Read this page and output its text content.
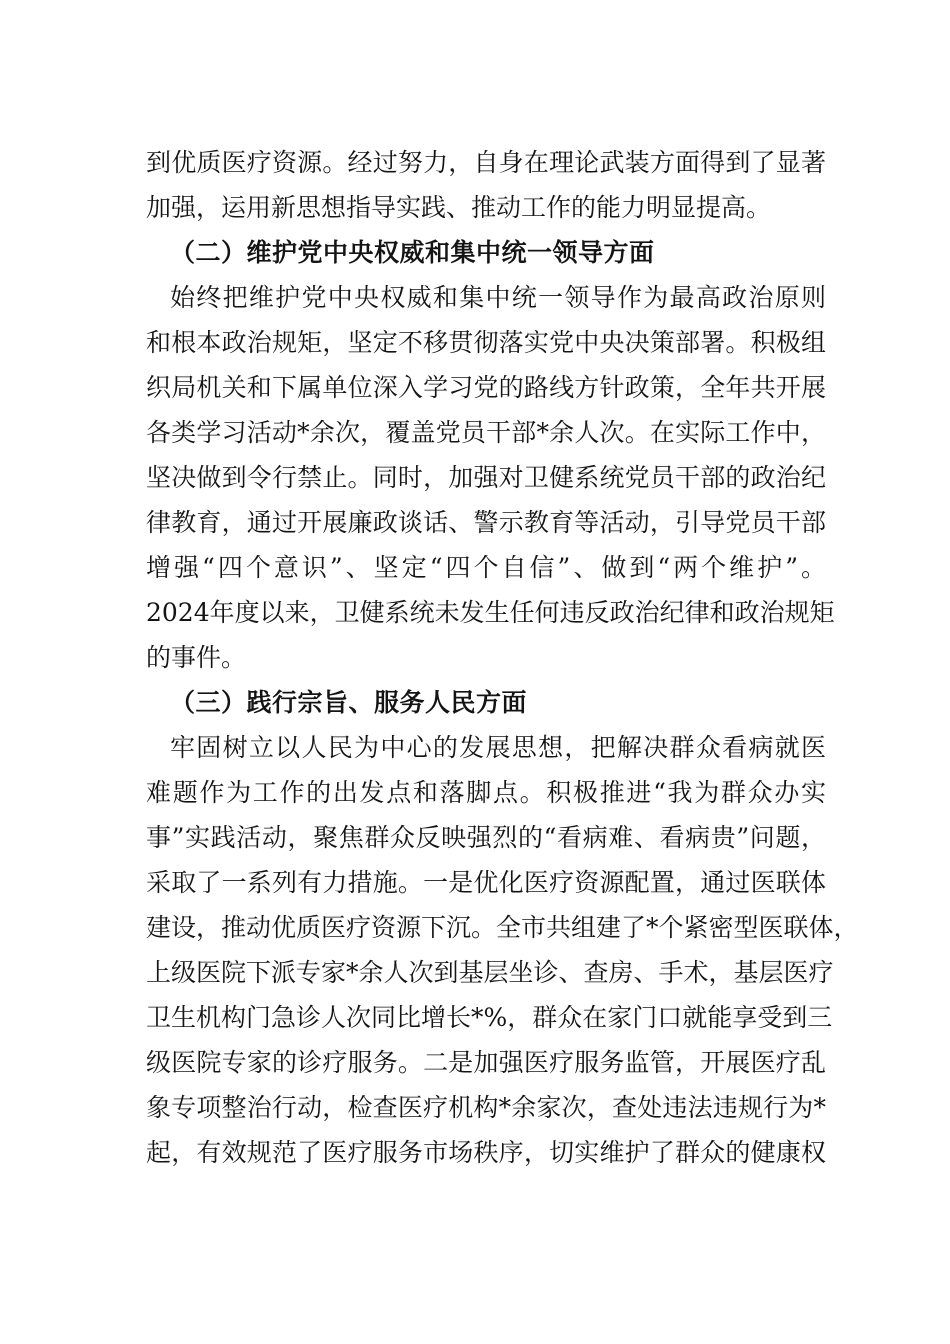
到优质医疗资源。经过努力，自身在理论武装方面得到了显著

加强，运用新思想指导实践、推动工作的能力明显提高。

（二）维护党中央权威和集中统一领导方面

始终把维护党中央权威和集中统一领导作为最高政治原则

和根本政治规矩，坚定不移贯彻落实党中央决策部署。积极组

织局机关和下属单位深入学习党的路线方针政策，全年共开展

各类学习活动*余次，覆盖党员干部*余人次。在实际工作中，

坚决做到令行禁止。同时，加强对卫健系统党员干部的政治纪

律教育，通过开展廉政谈话、警示教育等活动，引导党员干部

增强“四个意识”、坚定“四个自信”、做到“两个维护”。

2024年度以来，卫健系统未发生任何违反政治纪律和政治规矩

的事件。

（三）践行宗旨、服务人民方面

牢固树立以人民为中心的发展思想，把解决群众看病就医

难题作为工作的出发点和落脚点。积极推进“我为群众办实

事”实践活动，聚焦群众反映强烈的“看病难、看病贵”问题，

采取了一系列有力措施。一是优化医疗资源配置，通过医联体

建设，推动优质医疗资源下沉。全市共组建了*个紧密型医联体，

上级医院下派专家*余人次到基层坐诊、查房、手术，基层医疗

卫生机构门急诊人次同比增长*%，群众在家门口就能享受到三

级医院专家的诊疗服务。二是加强医疗服务监管，开展医疗乱

象专项整治行动，检查医疗机构*余家次，查处违法违规行为*

起，有效规范了医疗服务市场秩序，切实维护了群众的健康权
